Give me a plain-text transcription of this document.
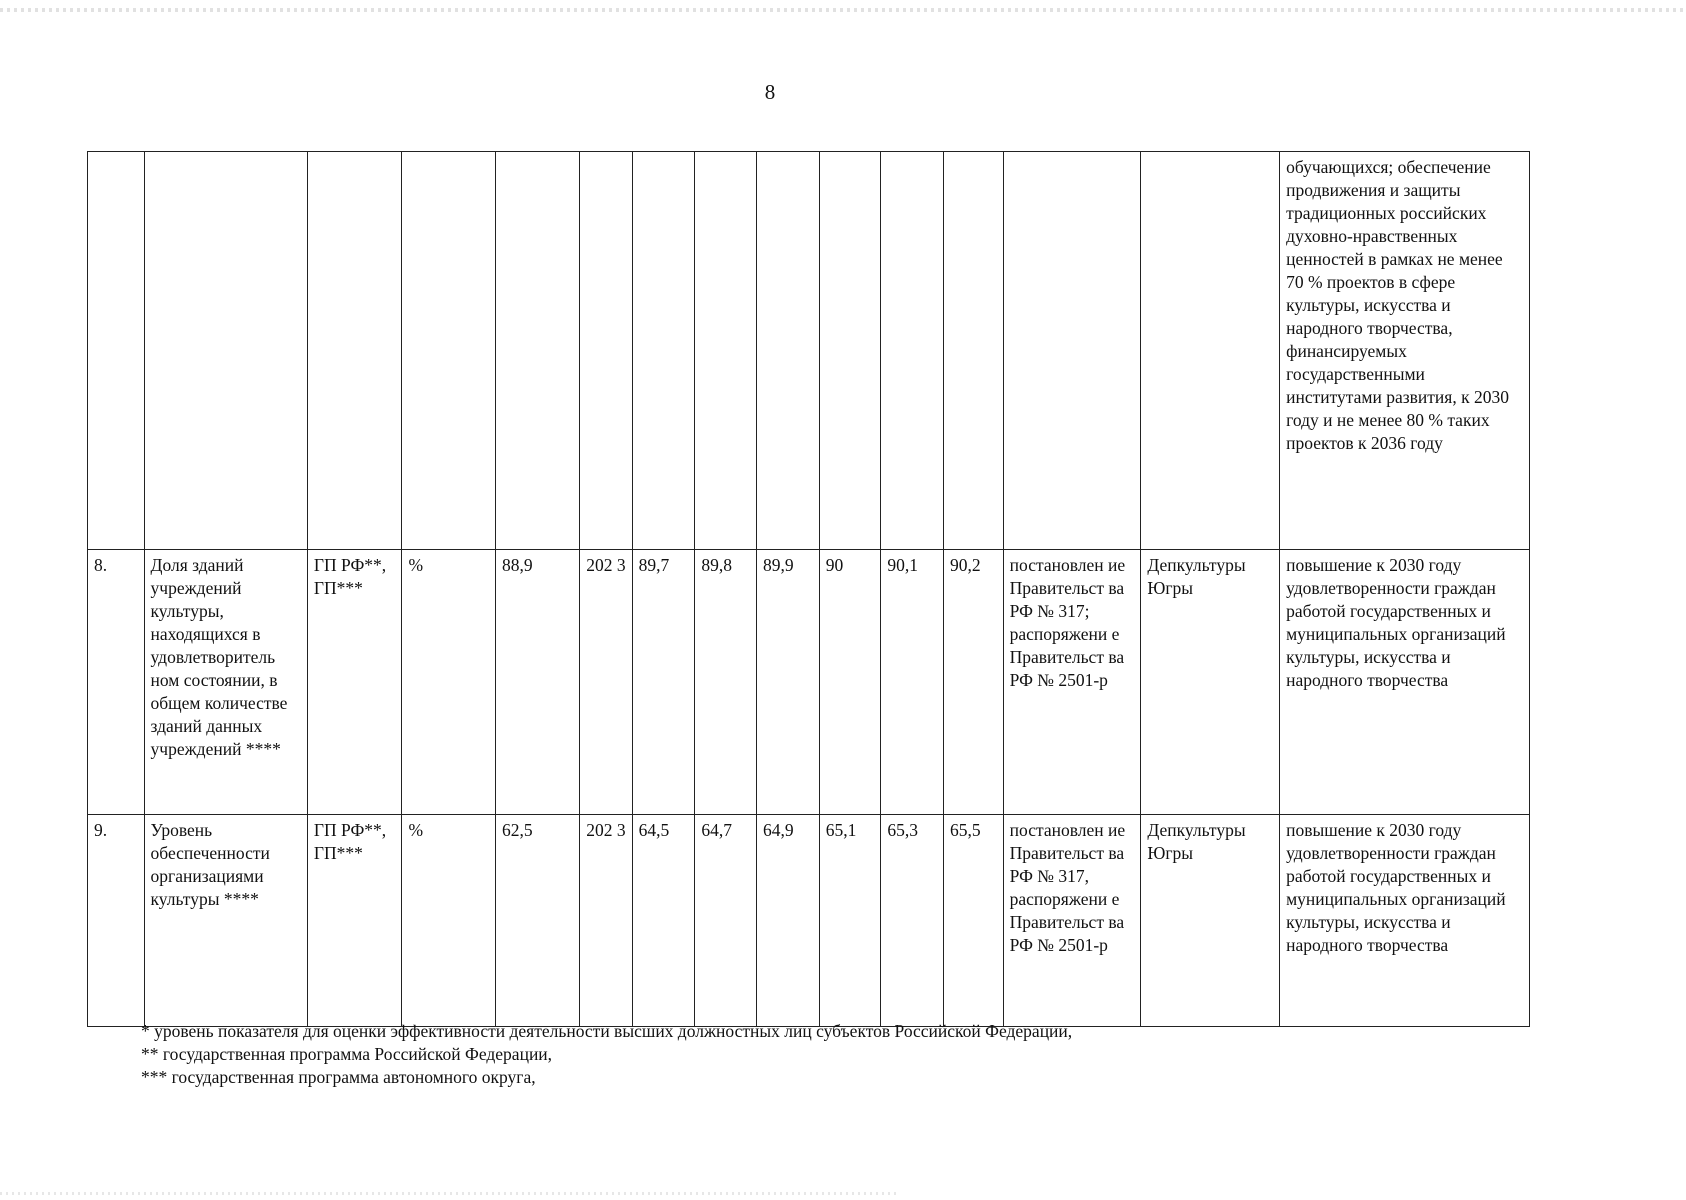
8
														обучающихся; обеспечение продвижения и защиты традиционных российских духовно-нравственных ценностей в рамках не менее 70 % проектов в сфере культуры, искусства и народного творчества, финансируемых государственными институтами развития, к 2030 году и не менее 80 % таких проектов к 2036 году
8.	Доля зданий учреждений культуры, находящихся в удовлетворитель ном состоянии, в общем количестве зданий данных учреждений ****	ГП РФ**, ГП***	%	88,9	202 3	89,7	89,8	89,9	90	90,1	90,2	постановлен ие Правительст ва РФ № 317; распоряжени е Правительст ва РФ № 2501-р	Депкультуры Югры	повышение к 2030 году удовлетворенности граждан работой государственных и муниципальных организаций культуры, искусства и народного творчества
9.	Уровень обеспеченности организациями культуры ****	ГП РФ**, ГП***	%	62,5	202 3	64,5	64,7	64,9	65,1	65,3	65,5	постановлен ие Правительст ва РФ № 317, распоряжени е Правительст ва РФ № 2501-р	Депкультуры Югры	повышение к 2030 году удовлетворенности граждан работой государственных и муниципальных организаций культуры, искусства и народного творчества
* уровень показателя для оценки эффективности деятельности высших должностных лиц субъектов Российской Федерации,
** государственная программа Российской Федерации,
*** государственная программа автономного округа,
